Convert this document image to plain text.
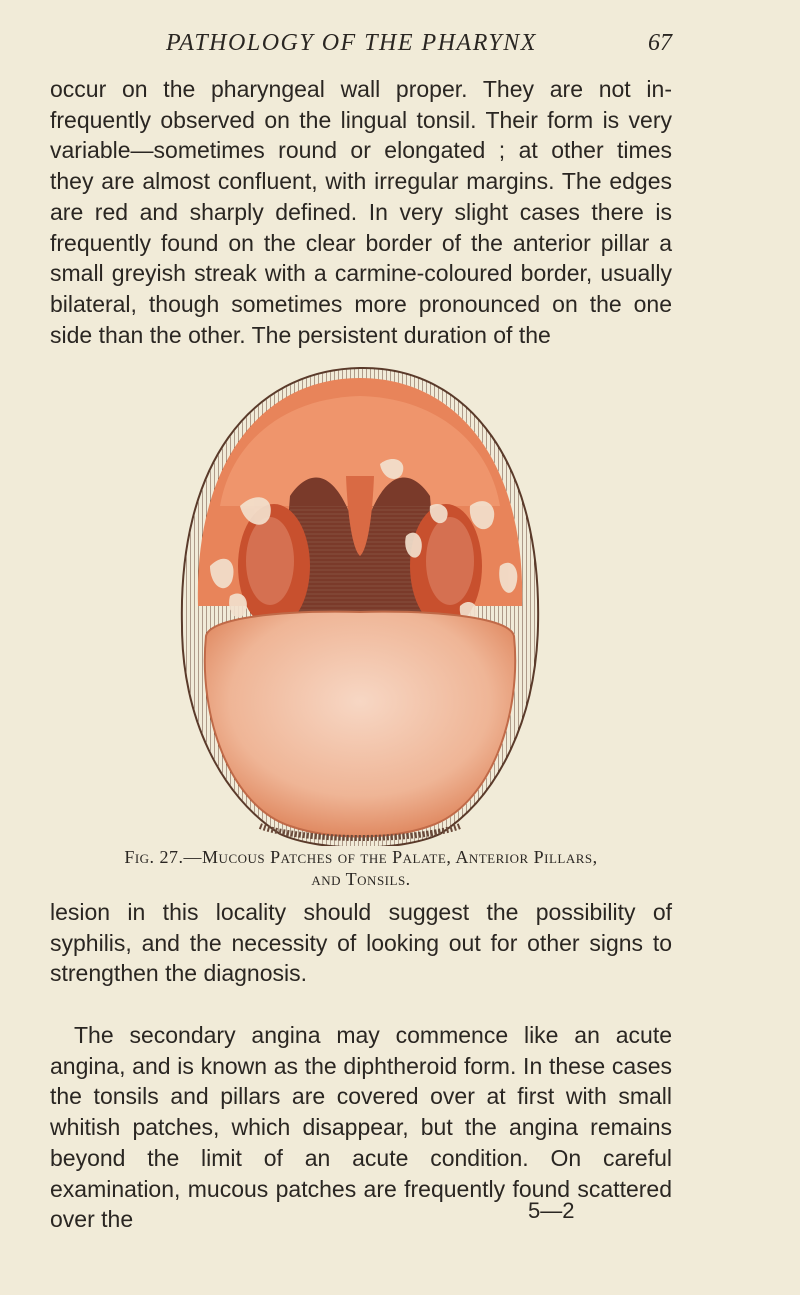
PATHOLOGY OF THE PHARYNX	67

occur on the pharyngeal wall proper. They are not in- frequently observed on the lingual tonsil. Their form is very variable—sometimes round or elongated ; at other times they are almost confluent, with irregular margins. The edges are red and sharply defined. In very slight cases there is frequently found on the clear border of the anterior pillar a small greyish streak with a carmine-coloured border, usually bilateral, though sometimes more pronounced on the one side than the other. The persistent duration of the

Fig. 27.—Mucous Patches of the Palate, Anterior Pillars,
and Tonsils.

lesion in this locality should suggest the possibility of syphilis, and the necessity of looking out for other signs to strengthen the diagnosis.

The secondary angina may commence like an acute angina, and is known as the diphtheroid form. In these cases the tonsils and pillars are covered over at first with small whitish patches, which disappear, but the angina remains beyond the limit of an acute condition. On careful examination, mucous patches are frequently found scattered over the	5—2
